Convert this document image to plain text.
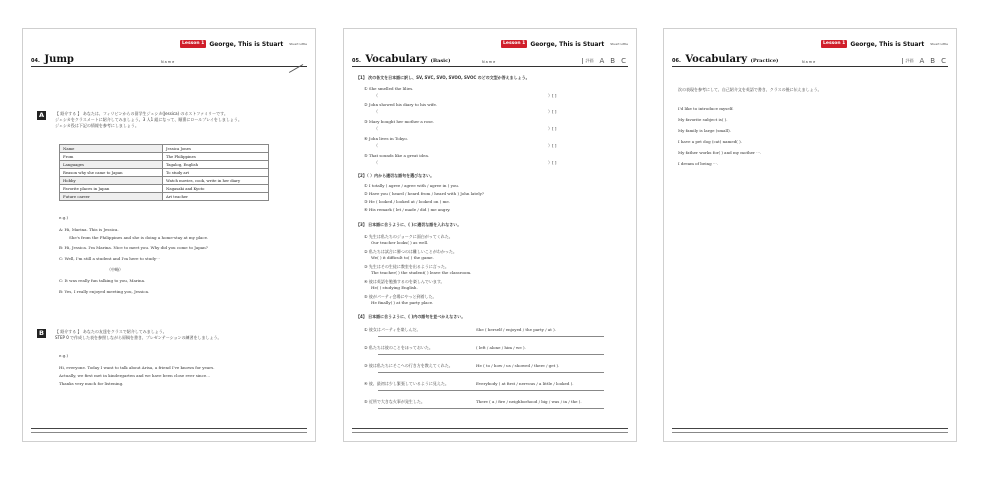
Lesson 1 George, This is Stuart Stuart Little
04. Jump	Name
A	【 紹介する 】 あなたは、フィリピンからの留学生ジェシカ(Jessica) のホストファミリーです。
ジェシカをクラスメートに紹介してみましょう。3 人1 組になって、順番にロールプレイをしましょう。
ジェシカ役は下記の情報を参考にしましょう。
Name	Jessica Jones
From	The Philippines
Languages	Tagalog, English
Reason why she came to Japan	To study art
Hobby	Watch movies, cook, write in her diary
Favorite places in Japan	Nagasaki and Kyoto
Future career	Art teacher
e.g.)
A: Hi, Marina. This is Jessica.
She's from the Philippines and she is doing a home-stay at my place.
B: Hi, Jessica. I'm Marina. Nice to meet you. Why did you come to Japan?
C: Well, I'm still a student and I'm here to study···
（中略）
C: It was really fun talking to you, Marina.
B: Yes, I really enjoyed meeting you, Jessica.
B	【 紹介する 】 あなたの友達をクラスで紹介してみましょう。
STEP 0 で作成した表を参照しながら原稿を書き、プレゼンテーションの練習をしましょう。
e.g.)
Hi, everyone. Today I want to talk about Arisa, a friend I've known for years.
Actually, we first met in kindergarten and we have been close ever since...
Thanks very much for listening.
Lesson 1 George, This is Stuart Stuart Little
05. Vocabulary (Basic)	Name	評価 A B C
【1】 次の各文を日本語に訳し、SV, SVC, SVO, SVOO, SVOC のどの文型か答えましょう。
① She smelled the lilies.
（	）[ ]
② John showed his diary to his wife.
（	）[ ]
③ Mary bought her mother a rose.
（	）[ ]
④ John lives in Tokyo.
（	）[ ]
⑤ That sounds like a great idea.
（	）[ ]
【2】（ ）内から適切な語句を選びなさい。
① I totally ( agree / agree with / agree in ) you.
② Have you ( heard / heard from / heard with ) John lately?
③ He ( looked / looked at / looked on ) me.
④ His remark ( let / made / did ) me angry.
【3】 日本語に合うように、( )に適切な語を入れなさい。
① 先生は私たちのジョークに面白がってくれた。
Our teacher looks( ) as well.
② 私たちは試合に勝つのは難しいことがわかった。
We( ) it difficult to( ) the game.
③ 先生はその生徒に教室を出るように言った。
The teacher( ) the student( ) leave the classroom.
④ 彼は英語を勉強するのを楽しんでいます。
He( ) studying English.
⑤ 彼がパーティ会場にやっと到着した。
He finally( ) at the party place.
【4】 日本語に合うように、( )内の語句を並べかえなさい。
① 彼女はパーティを楽しんだ。	She ( herself / enjoyed / the party / at ).
② 私たちは彼のことをほっておいた。	( left / alone / him / we ).
③ 彼は私たちにそこへの行き方を教えてくれた。	He ( to / how / us / showed / there / get ).
④ 彼、最初は少し緊張しているように見えた。	Everybody ( at first / nervous / a little / looked ).
⑤ 近所で大きな火事が発生した。	There ( a / fire / neighborhood / big / was / in / the ).
Lesson 1 George, This is Stuart Stuart Little
06. Vocabulary (Practice)	Name	評価 A B C
次の表現を参考にして、自己紹介文を英語で書き、クラスの後に伝えましょう。
I'd like to introduce myself.
My favorite subject is( ).
My family is large (small).
I have a pet dog (cat) named( ).
My father works for( ) and my mother ···.
I dream of being ···.
